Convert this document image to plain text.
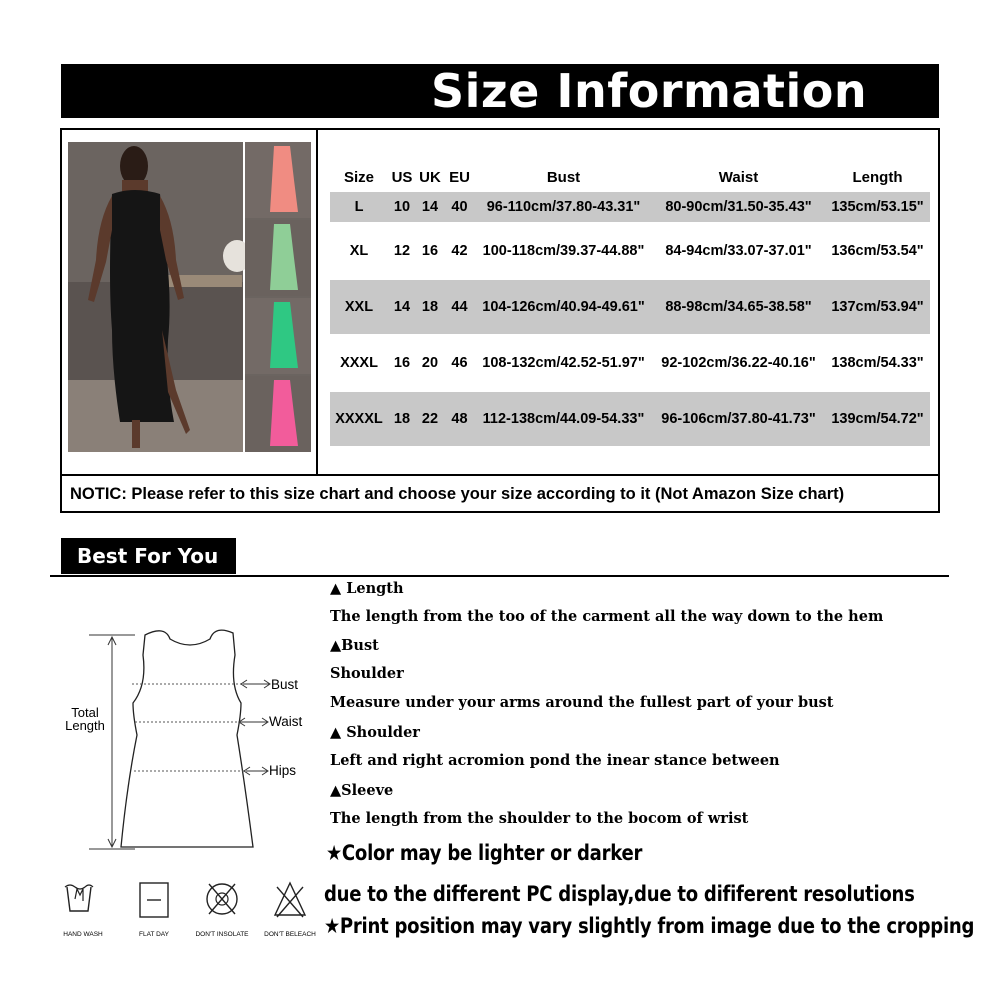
Size Information
NOTIC: Please refer to this size chart and choose your size according to it (Not Amazon Size chart)
Size	US	UK	EU	Bust	Waist	Length
L	10	14	40	96-110cm/37.80-43.31"	80-90cm/31.50-35.43"	135cm/53.15"

XL	12	16	42	100-118cm/39.37-44.88"	84-94cm/33.07-37.01"	136cm/53.54"

XXL	14	18	44	104-126cm/40.94-49.61"	88-98cm/34.65-38.58"	137cm/53.94"

XXXL	16	20	46	108-132cm/42.52-51.97"	92-102cm/36.22-40.16"	138cm/54.33"

XXXXL	18	22	48	112-138cm/44.09-54.33"	96-106cm/37.80-41.73"	139cm/54.72"
Best For You
Total
Length
Bust
Waist
Hips
HAND WASH	FLAT DAY	DON'T INSOLATE DON'T BELEACH
▲ Length
The length from the too of the carment all the way down to the hem
▲Bust
Shoulder
Measure under your arms around the fullest part of your bust
▲ Shoulder
Left and right acromion pond the inear stance between
▲Sleeve
The length from the shoulder to the bocom of wrist
★Color may be lighter or darker
due to the different PC display,due to dififerent resolutions
★Print position may vary slightly from image due to the cropping
